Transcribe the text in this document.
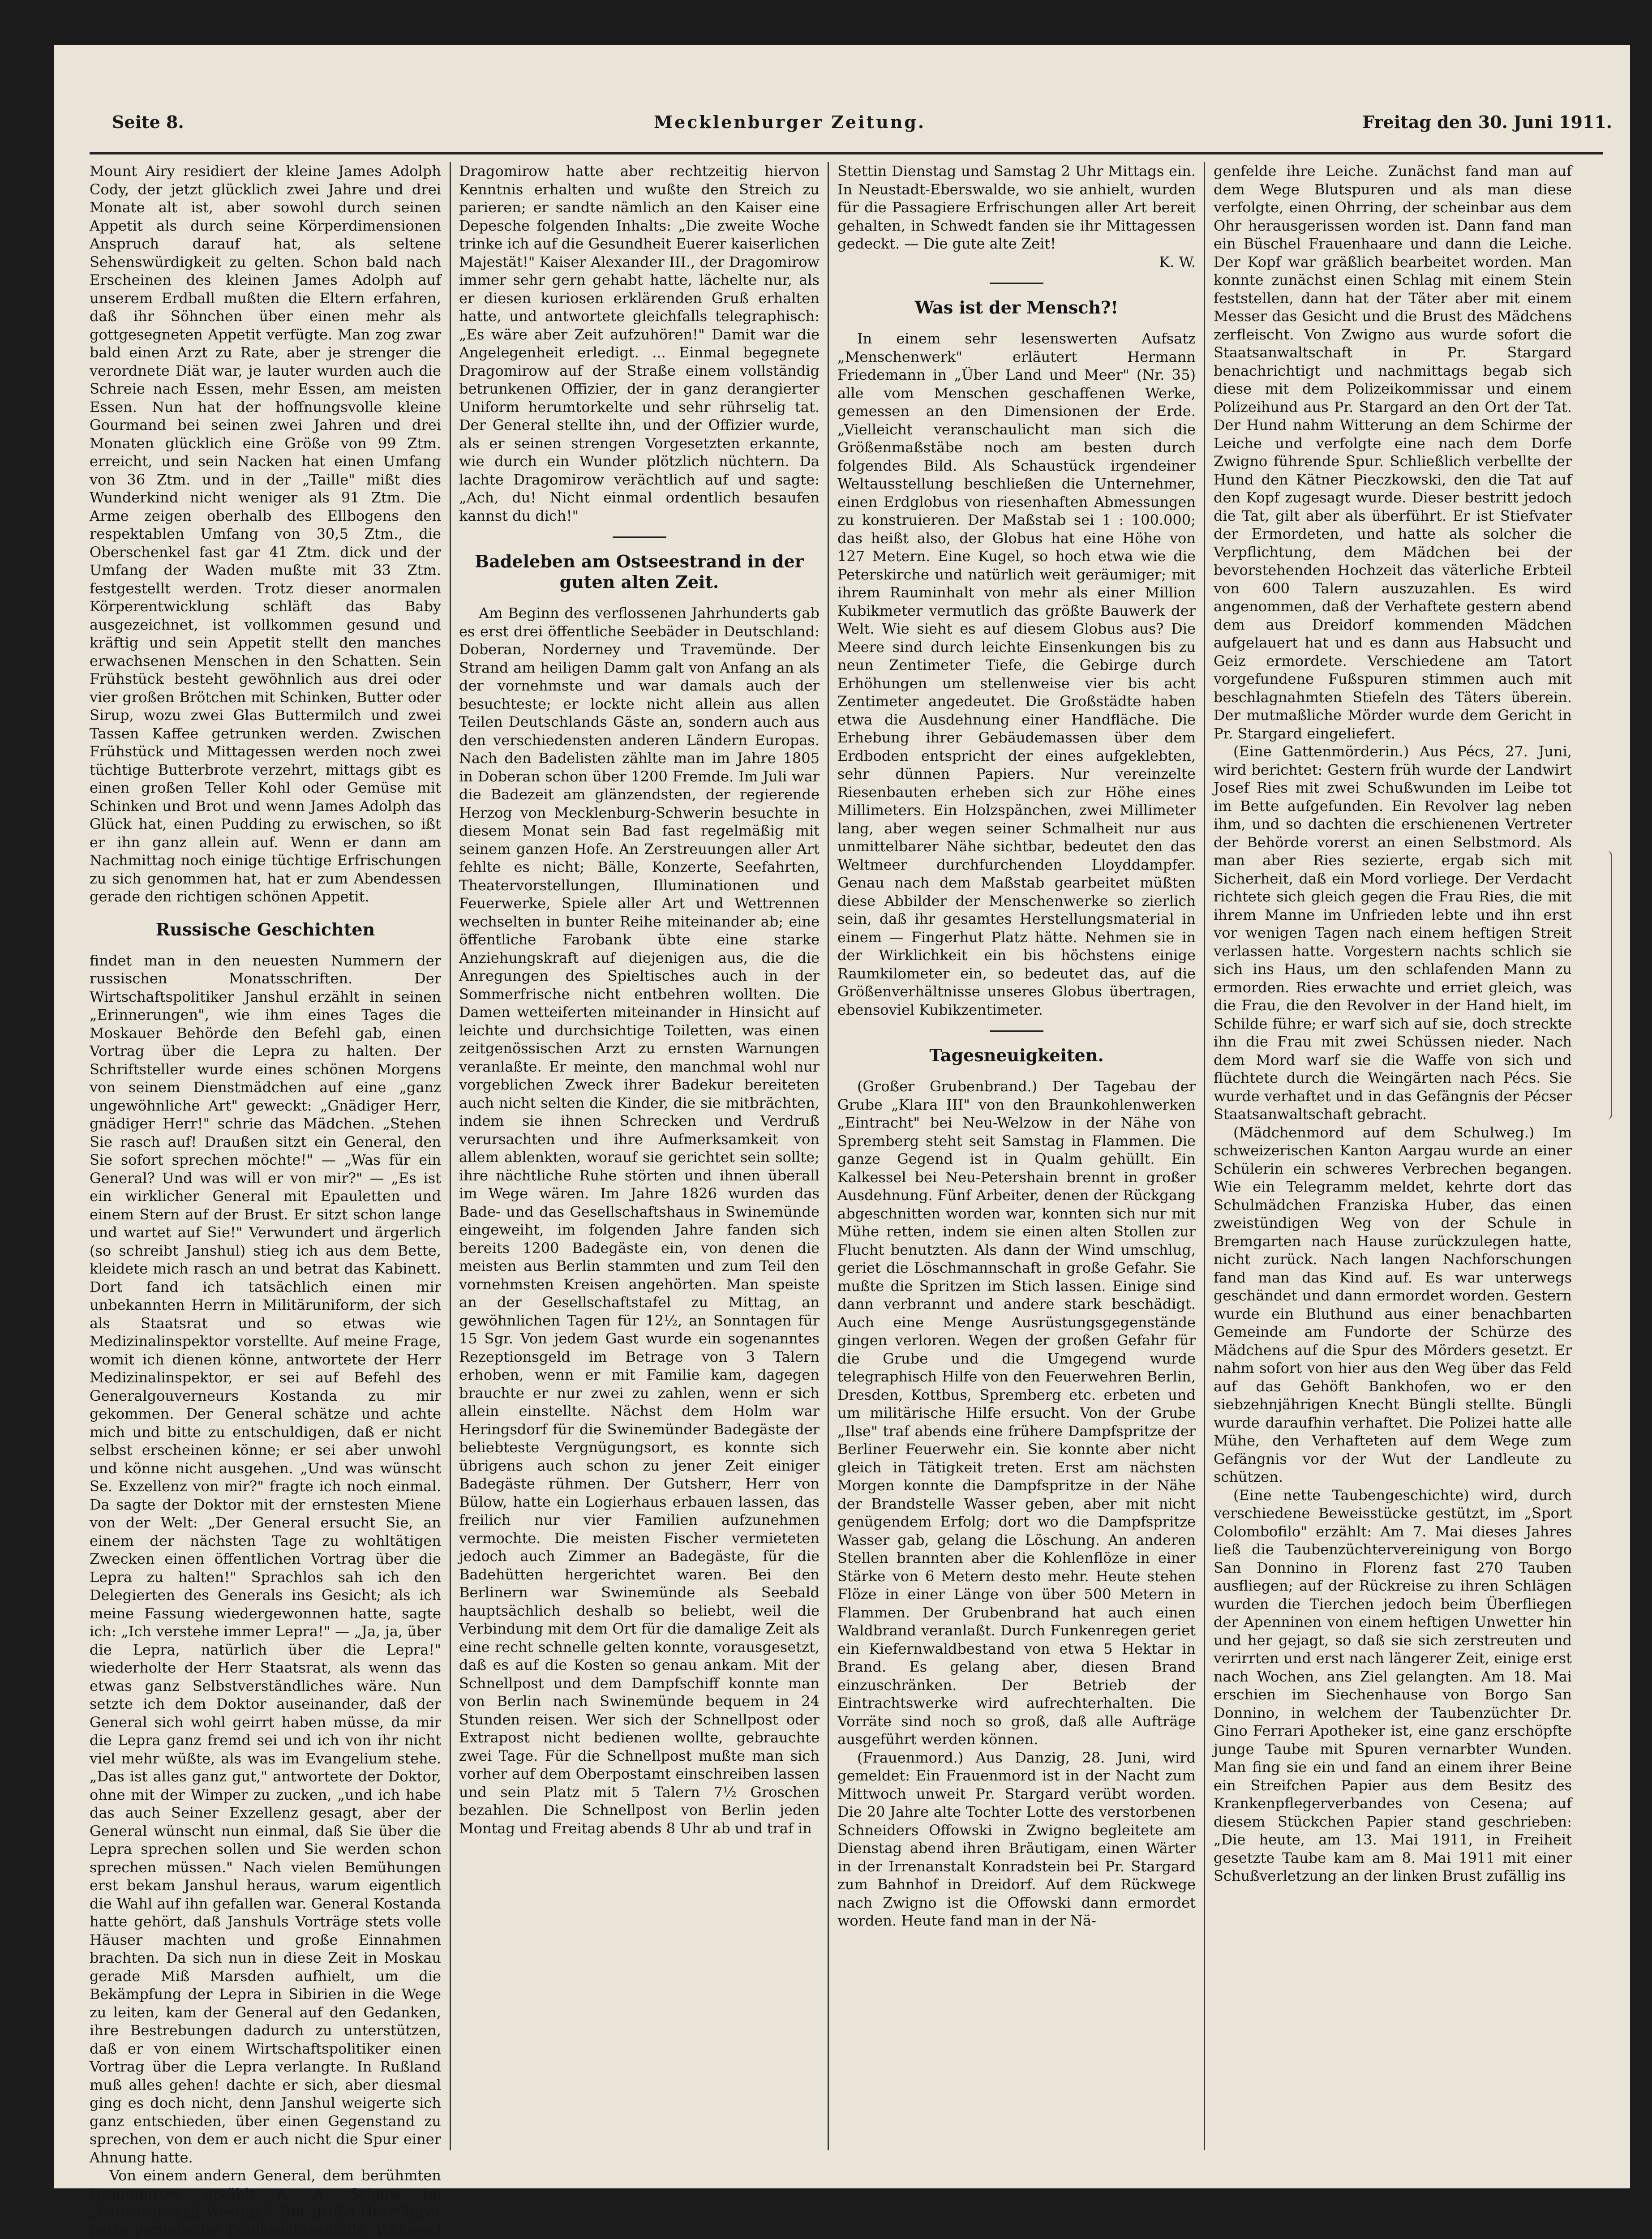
Seite 8.	Mecklenburger Zeitung.	Freitag den 30. Juni 1911.

Mount Airy residiert der kleine James Adolph Cody, der jetzt glücklich zwei Jahre und drei Monate alt ist, aber sowohl durch seinen Appetit als durch seine Körperdimensionen Anspruch darauf hat, als seltene Sehenswürdigkeit zu gelten. Schon bald nach Erscheinen des kleinen James Adolph auf unserem Erdball mußten die Eltern erfahren, daß ihr Söhnchen über einen mehr als gottgesegneten Appetit verfügte. Man zog zwar bald einen Arzt zu Rate, aber je strenger die verordnete Diät war, je lauter wurden auch die Schreie nach Essen, mehr Essen, am meisten Essen. Nun hat der hoffnungsvolle kleine Gourmand bei seinen zwei Jahren und drei Monaten glücklich eine Größe von 99 Ztm. erreicht, und sein Nacken hat einen Umfang von 36 Ztm. und in der „Taille" mißt dies Wunderkind nicht weniger als 91 Ztm. Die Arme zeigen oberhalb des Ellbogens den respektablen Umfang von 30,5 Ztm., die Oberschenkel fast gar 41 Ztm. dick und der Umfang der Waden mußte mit 33 Ztm. festgestellt werden. Trotz dieser anormalen Körperentwicklung schläft das Baby ausgezeichnet, ist vollkommen gesund und kräftig und sein Appetit stellt den manches erwachsenen Menschen in den Schatten. Sein Frühstück besteht gewöhnlich aus drei oder vier großen Brötchen mit Schinken, Butter oder Sirup, wozu zwei Glas Buttermilch und zwei Tassen Kaffee getrunken werden. Zwischen Frühstück und Mittagessen werden noch zwei tüchtige Butterbrote verzehrt, mittags gibt es einen großen Teller Kohl oder Gemüse mit Schinken und Brot und wenn James Adolph das Glück hat, einen Pudding zu erwischen, so ißt er ihn ganz allein auf. Wenn er dann am Nachmittag noch einige tüchtige Erfrischungen zu sich genommen hat, hat er zum Abendessen gerade den richtigen schönen Appetit.

Russische Geschichten

findet man in den neuesten Nummern der russischen Monatsschriften. Der Wirtschaftspolitiker Janshul erzählt in seinen „Erinnerungen", wie ihm eines Tages die Moskauer Behörde den Befehl gab, einen Vortrag über die Lepra zu halten. Der Schriftsteller wurde eines schönen Morgens von seinem Dienstmädchen auf eine „ganz ungewöhnliche Art" geweckt: „Gnädiger Herr, gnädiger Herr!" schrie das Mädchen. „Stehen Sie rasch auf! Draußen sitzt ein General, den Sie sofort sprechen möchte!" — „Was für ein General? Und was will er von mir?" — „Es ist ein wirklicher General mit Epauletten und einem Stern auf der Brust. Er sitzt schon lange und wartet auf Sie!" Verwundert und ärgerlich (so schreibt Janshul) stieg ich aus dem Bette, kleidete mich rasch an und betrat das Kabinett. Dort fand ich tatsächlich einen mir unbekannten Herrn in Militäruniform, der sich als Staatsrat und so etwas wie Medizinalinspektor vorstellte. Auf meine Frage, womit ich dienen könne, antwortete der Herr Medizinalinspektor, er sei auf Befehl des Generalgouverneurs Kostanda zu mir gekommen. Der General schätze und achte mich und bitte zu entschuldigen, daß er nicht selbst erscheinen könne; er sei aber unwohl und könne nicht ausgehen. „Und was wünscht Se. Exzellenz von mir?" fragte ich noch einmal. Da sagte der Doktor mit der ernstesten Miene von der Welt: „Der General ersucht Sie, an einem der nächsten Tage zu wohltätigen Zwecken einen öffentlichen Vortrag über die Lepra zu halten!" Sprachlos sah ich den Delegierten des Generals ins Gesicht; als ich meine Fassung wiedergewonnen hatte, sagte ich: „Ich verstehe immer Lepra!" — „Ja, ja, über die Lepra, natürlich über die Lepra!" wiederholte der Herr Staatsrat, als wenn das etwas ganz Selbstverständliches wäre. Nun setzte ich dem Doktor auseinander, daß der General sich wohl geirrt haben müsse, da mir die Lepra ganz fremd sei und ich von ihr nicht viel mehr wüßte, als was im Evangelium stehe. „Das ist alles ganz gut," antwortete der Doktor, ohne mit der Wimper zu zucken, „und ich habe das auch Seiner Exzellenz gesagt, aber der General wünscht nun einmal, daß Sie über die Lepra sprechen sollen und Sie werden schon sprechen müssen." Nach vielen Bemühungen erst bekam Janshul heraus, warum eigentlich die Wahl auf ihn gefallen war. General Kostanda hatte gehört, daß Janshuls Vorträge stets volle Häuser machten und große Einnahmen brachten. Da sich nun in diese Zeit in Moskau gerade Miß Marsden aufhielt, um die Bekämpfung der Lepra in Sibirien in die Wege zu leiten, kam der General auf den Gedanken, ihre Bestrebungen dadurch zu unterstützen, daß er von einem Wirtschaftspolitiker einen Vortrag über die Lepra verlangte. In Rußland muß alles gehen! dachte er sich, aber diesmal ging es doch nicht, denn Janshul weigerte sich ganz entschieden, über einen Gegenstand zu sprechen, von dem er auch nicht die Spur einer Ahnung hatte.

Von einem andern General, dem berühmten Dragomirow, erzählt A. A. Ssigow im „Istoritscheskij Westnik". Der große Herrführer hatte periodische Trunksuchtsanfälle. Während

Dragomirow hatte aber rechtzeitig hiervon Kenntnis erhalten und wußte den Streich zu parieren; er sandte nämlich an den Kaiser eine Depesche folgenden Inhalts: „Die zweite Woche trinke ich auf die Gesundheit Euerer kaiserlichen Majestät!" Kaiser Alexander III., der Dragomirow immer sehr gern gehabt hatte, lächelte nur, als er diesen kuriosen erklärenden Gruß erhalten hatte, und antwortete gleichfalls telegraphisch: „Es wäre aber Zeit aufzuhören!" Damit war die Angelegenheit erledigt. ... Einmal begegnete Dragomirow auf der Straße einem vollständig betrunkenen Offizier, der in ganz derangierter Uniform herumtorkelte und sehr rührselig tat. Der General stellte ihn, und der Offizier wurde, als er seinen strengen Vorgesetzten erkannte, wie durch ein Wunder plötzlich nüchtern. Da lachte Dragomirow verächtlich auf und sagte: „Ach, du! Nicht einmal ordentlich besaufen kannst du dich!"

Badeleben am Ostseestrand in der guten alten Zeit.

Am Beginn des verflossenen Jahrhunderts gab es erst drei öffentliche Seebäder in Deutschland: Doberan, Norderney und Travemünde. Der Strand am heiligen Damm galt von Anfang an als der vornehmste und war damals auch der besuchteste; er lockte nicht allein aus allen Teilen Deutschlands Gäste an, sondern auch aus den verschiedensten anderen Ländern Europas. Nach den Badelisten zählte man im Jahre 1805 in Doberan schon über 1200 Fremde. Im Juli war die Badezeit am glänzendsten, der regierende Herzog von Mecklenburg-Schwerin besuchte in diesem Monat sein Bad fast regelmäßig mit seinem ganzen Hofe. An Zerstreuungen aller Art fehlte es nicht; Bälle, Konzerte, Seefahrten, Theatervorstellungen, Illuminationen und Feuerwerke, Spiele aller Art und Wettrennen wechselten in bunter Reihe miteinander ab; eine öffentliche Farobank übte eine starke Anziehungskraft auf diejenigen aus, die die Anregungen des Spieltisches auch in der Sommerfrische nicht entbehren wollten. Die Damen wetteiferten miteinander in Hinsicht auf leichte und durchsichtige Toiletten, was einen zeitgenössischen Arzt zu ernsten Warnungen veranlaßte. Er meinte, den manchmal wohl nur vorgeblichen Zweck ihrer Badekur bereiteten auch nicht selten die Kinder, die sie mitbrächten, indem sie ihnen Schrecken und Verdruß verursachten und ihre Aufmerksamkeit von allem ablenkten, worauf sie gerichtet sein sollte; ihre nächtliche Ruhe störten und ihnen überall im Wege wären. Im Jahre 1826 wurden das Bade- und das Gesellschaftshaus in Swinemünde eingeweiht, im folgenden Jahre fanden sich bereits 1200 Badegäste ein, von denen die meisten aus Berlin stammten und zum Teil den vornehmsten Kreisen angehörten. Man speiste an der Gesellschaftstafel zu Mittag, an gewöhnlichen Tagen für 12½, an Sonntagen für 15 Sgr. Von jedem Gast wurde ein sogenanntes Rezeptionsgeld im Betrage von 3 Talern erhoben, wenn er mit Familie kam, dagegen brauchte er nur zwei zu zahlen, wenn er sich allein einstellte. Nächst dem Holm war Heringsdorf für die Swinemünder Badegäste der beliebteste Vergnügungsort, es konnte sich übrigens auch schon zu jener Zeit einiger Badegäste rühmen. Der Gutsherr, Herr von Bülow, hatte ein Logierhaus erbauen lassen, das freilich nur vier Familien aufzunehmen vermochte. Die meisten Fischer vermieteten jedoch auch Zimmer an Badegäste, für die Badehütten hergerichtet waren. Bei den Berlinern war Swinemünde als Seebald hauptsächlich deshalb so beliebt, weil die Verbindung mit dem Ort für die damalige Zeit als eine recht schnelle gelten konnte, vorausgesetzt, daß es auf die Kosten so genau ankam. Mit der Schnellpost und dem Dampfschiff konnte man von Berlin nach Swinemünde bequem in 24 Stunden reisen. Wer sich der Schnellpost oder Extrapost nicht bedienen wollte, gebrauchte zwei Tage. Für die Schnellpost mußte man sich vorher auf dem Oberpostamt einschreiben lassen und sein Platz mit 5 Talern 7½ Groschen bezahlen. Die Schnellpost von Berlin jeden Montag und Freitag abends 8 Uhr ab und traf in

Stettin Dienstag und Samstag 2 Uhr Mittags ein. In Neustadt-Eberswalde, wo sie anhielt, wurden für die Passagiere Erfrischungen aller Art bereit gehalten, in Schwedt fanden sie ihr Mittagessen gedeckt. — Die gute alte Zeit!

K. W.

Was ist der Mensch?!

In einem sehr lesenswerten Aufsatz „Menschenwerk" erläutert Hermann Friedemann in „Über Land und Meer" (Nr. 35) alle vom Menschen geschaffenen Werke, gemessen an den Dimensionen der Erde. „Vielleicht veranschaulicht man sich die Größenmaßstäbe noch am besten durch folgendes Bild. Als Schaustück irgendeiner Weltausstellung beschließen die Unternehmer, einen Erdglobus von riesenhaften Abmessungen zu konstruieren. Der Maßstab sei 1 : 100.000; das heißt also, der Globus hat eine Höhe von 127 Metern. Eine Kugel, so hoch etwa wie die Peterskirche und natürlich weit geräumiger; mit ihrem Rauminhalt von mehr als einer Million Kubikmeter vermutlich das größte Bauwerk der Welt. Wie sieht es auf diesem Globus aus? Die Meere sind durch leichte Einsenkungen bis zu neun Zentimeter Tiefe, die Gebirge durch Erhöhungen um stellenweise vier bis acht Zentimeter angedeutet. Die Großstädte haben etwa die Ausdehnung einer Handfläche. Die Erhebung ihrer Gebäudemassen über dem Erdboden entspricht der eines aufgeklebten, sehr dünnen Papiers. Nur vereinzelte Riesenbauten erheben sich zur Höhe eines Millimeters. Ein Holzspänchen, zwei Millimeter lang, aber wegen seiner Schmalheit nur aus unmittelbarer Nähe sichtbar, bedeutet den das Weltmeer durchfurchenden Lloyddampfer. Genau nach dem Maßstab gearbeitet müßten diese Abbilder der Menschenwerke so zierlich sein, daß ihr gesamtes Herstellungsmaterial in einem — Fingerhut Platz hätte. Nehmen sie in der Wirklichkeit ein bis höchstens einige Raumkilometer ein, so bedeutet das, auf die Größenverhältnisse unseres Globus übertragen, ebensoviel Kubikzentimeter.

Tagesneuigkeiten.

(Großer Grubenbrand.) Der Tagebau der Grube „Klara III" von den Braunkohlenwerken „Eintracht" bei Neu-Welzow in der Nähe von Spremberg steht seit Samstag in Flammen. Die ganze Gegend ist in Qualm gehüllt. Ein Kalkessel bei Neu-Petershain brennt in großer Ausdehnung. Fünf Arbeiter, denen der Rückgang abgeschnitten worden war, konnten sich nur mit Mühe retten, indem sie einen alten Stollen zur Flucht benutzten. Als dann der Wind umschlug, geriet die Löschmannschaft in große Gefahr. Sie mußte die Spritzen im Stich lassen. Einige sind dann verbrannt und andere stark beschädigt. Auch eine Menge Ausrüstungsgegenstände gingen verloren. Wegen der großen Gefahr für die Grube und die Umgegend wurde telegraphisch Hilfe von den Feuerwehren Berlin, Dresden, Kottbus, Spremberg etc. erbeten und um militärische Hilfe ersucht. Von der Grube „Ilse" traf abends eine frühere Dampfspritze der Berliner Feuerwehr ein. Sie konnte aber nicht gleich in Tätigkeit treten. Erst am nächsten Morgen konnte die Dampfspritze in der Nähe der Brandstelle Wasser geben, aber mit nicht genügendem Erfolg; dort wo die Dampfspritze Wasser gab, gelang die Löschung. An anderen Stellen brannten aber die Kohlenflöze in einer Stärke von 6 Metern desto mehr. Heute stehen Flöze in einer Länge von über 500 Metern in Flammen. Der Grubenbrand hat auch einen Waldbrand veranlaßt. Durch Funkenregen geriet ein Kiefernwaldbestand von etwa 5 Hektar in Brand. Es gelang aber, diesen Brand einzuschränken. Der Betrieb der Eintrachtswerke wird aufrechterhalten. Die Vorräte sind noch so groß, daß alle Aufträge ausgeführt werden können.

(Frauenmord.) Aus Danzig, 28. Juni, wird gemeldet: Ein Frauenmord ist in der Nacht zum Mittwoch unweit Pr. Stargard verübt worden. Die 20 Jahre alte Tochter Lotte des verstorbenen Schneiders Offowski in Zwigno begleitete am Dienstag abend ihren Bräutigam, einen Wärter in der Irrenanstalt Konradstein bei Pr. Stargard zum Bahnhof in Dreidorf. Auf dem Rückwege nach Zwigno ist die Offowski dann ermordet worden. Heute fand man in der Nä-

genfelde ihre Leiche. Zunächst fand man auf dem Wege Blutspuren und als man diese verfolgte, einen Ohrring, der scheinbar aus dem Ohr herausgerissen worden ist. Dann fand man ein Büschel Frauenhaare und dann die Leiche. Der Kopf war gräßlich bearbeitet worden. Man konnte zunächst einen Schlag mit einem Stein feststellen, dann hat der Täter aber mit einem Messer das Gesicht und die Brust des Mädchens zerfleischt. Von Zwigno aus wurde sofort die Staatsanwaltschaft in Pr. Stargard benachrichtigt und nachmittags begab sich diese mit dem Polizeikommissar und einem Polizeihund aus Pr. Stargard an den Ort der Tat. Der Hund nahm Witterung an dem Schirme der Leiche und verfolgte eine nach dem Dorfe Zwigno führende Spur. Schließlich verbellte der Hund den Kätner Pieczkowski, den die Tat auf den Kopf zugesagt wurde. Dieser bestritt jedoch die Tat, gilt aber als überführt. Er ist Stiefvater der Ermordeten, und hatte als solcher die Verpflichtung, dem Mädchen bei der bevorstehenden Hochzeit das väterliche Erbteil von 600 Talern auszuzahlen. Es wird angenommen, daß der Verhaftete gestern abend dem aus Dreidorf kommenden Mädchen aufgelauert hat und es dann aus Habsucht und Geiz ermordete. Verschiedene am Tatort vorgefundene Fußspuren stimmen auch mit beschlagnahmten Stiefeln des Täters überein. Der mutmaßliche Mörder wurde dem Gericht in Pr. Stargard eingeliefert.

(Eine Gattenmörderin.) Aus Pécs, 27. Juni, wird berichtet: Gestern früh wurde der Landwirt Josef Ries mit zwei Schußwunden im Leibe tot im Bette aufgefunden. Ein Revolver lag neben ihm, und so dachten die erschienenen Vertreter der Behörde vorerst an einen Selbstmord. Als man aber Ries sezierte, ergab sich mit Sicherheit, daß ein Mord vorliege. Der Verdacht richtete sich gleich gegen die Frau Ries, die mit ihrem Manne im Unfrieden lebte und ihn erst vor wenigen Tagen nach einem heftigen Streit verlassen hatte. Vorgestern nachts schlich sie sich ins Haus, um den schlafenden Mann zu ermorden. Ries erwachte und erriet gleich, was die Frau, die den Revolver in der Hand hielt, im Schilde führe; er warf sich auf sie, doch streckte ihn die Frau mit zwei Schüssen nieder. Nach dem Mord warf sie die Waffe von sich und flüchtete durch die Weingärten nach Pécs. Sie wurde verhaftet und in das Gefängnis der Pécser Staatsanwaltschaft gebracht.

(Mädchenmord auf dem Schulweg.) Im schweizerischen Kanton Aargau wurde an einer Schülerin ein schweres Verbrechen begangen. Wie ein Telegramm meldet, kehrte dort das Schulmädchen Franziska Huber, das einen zweistündigen Weg von der Schule in Bremgarten nach Hause zurückzulegen hatte, nicht zurück. Nach langen Nachforschungen fand man das Kind auf. Es war unterwegs geschändet und dann ermordet worden. Gestern wurde ein Bluthund aus einer benachbarten Gemeinde am Fundorte der Schürze des Mädchens auf die Spur des Mörders gesetzt. Er nahm sofort von hier aus den Weg über das Feld auf das Gehöft Bankhofen, wo er den siebzehnjährigen Knecht Büngli stellte. Büngli wurde daraufhin verhaftet. Die Polizei hatte alle Mühe, den Verhafteten auf dem Wege zum Gefängnis vor der Wut der Landleute zu schützen.

(Eine nette Taubengeschichte) wird, durch verschiedene Beweisstücke gestützt, im „Sport Colombofilo" erzählt: Am 7. Mai dieses Jahres ließ die Taubenzüchtervereinigung von Borgo San Donnino in Florenz fast 270 Tauben ausfliegen; auf der Rückreise zu ihren Schlägen wurden die Tierchen jedoch beim Überfliegen der Apenninen von einem heftigen Unwetter hin und her gejagt, so daß sie sich zerstreuten und verirrten und erst nach längerer Zeit, einige erst nach Wochen, ans Ziel gelangten. Am 18. Mai erschien im Siechenhause von Borgo San Donnino, in welchem der Taubenzüchter Dr. Gino Ferrari Apotheker ist, eine ganz erschöpfte junge Taube mit Spuren vernarbter Wunden. Man fing sie ein und fand an einem ihrer Beine ein Streifchen Papier aus dem Besitz des Krankenpflegerverbandes von Cesena; auf diesem Stückchen Papier stand geschrieben: „Die heute, am 13. Mai 1911, in Freiheit gesetzte Taube kam am 8. Mai 1911 mit einer Schußverletzung an der linken Brust zufällig ins
